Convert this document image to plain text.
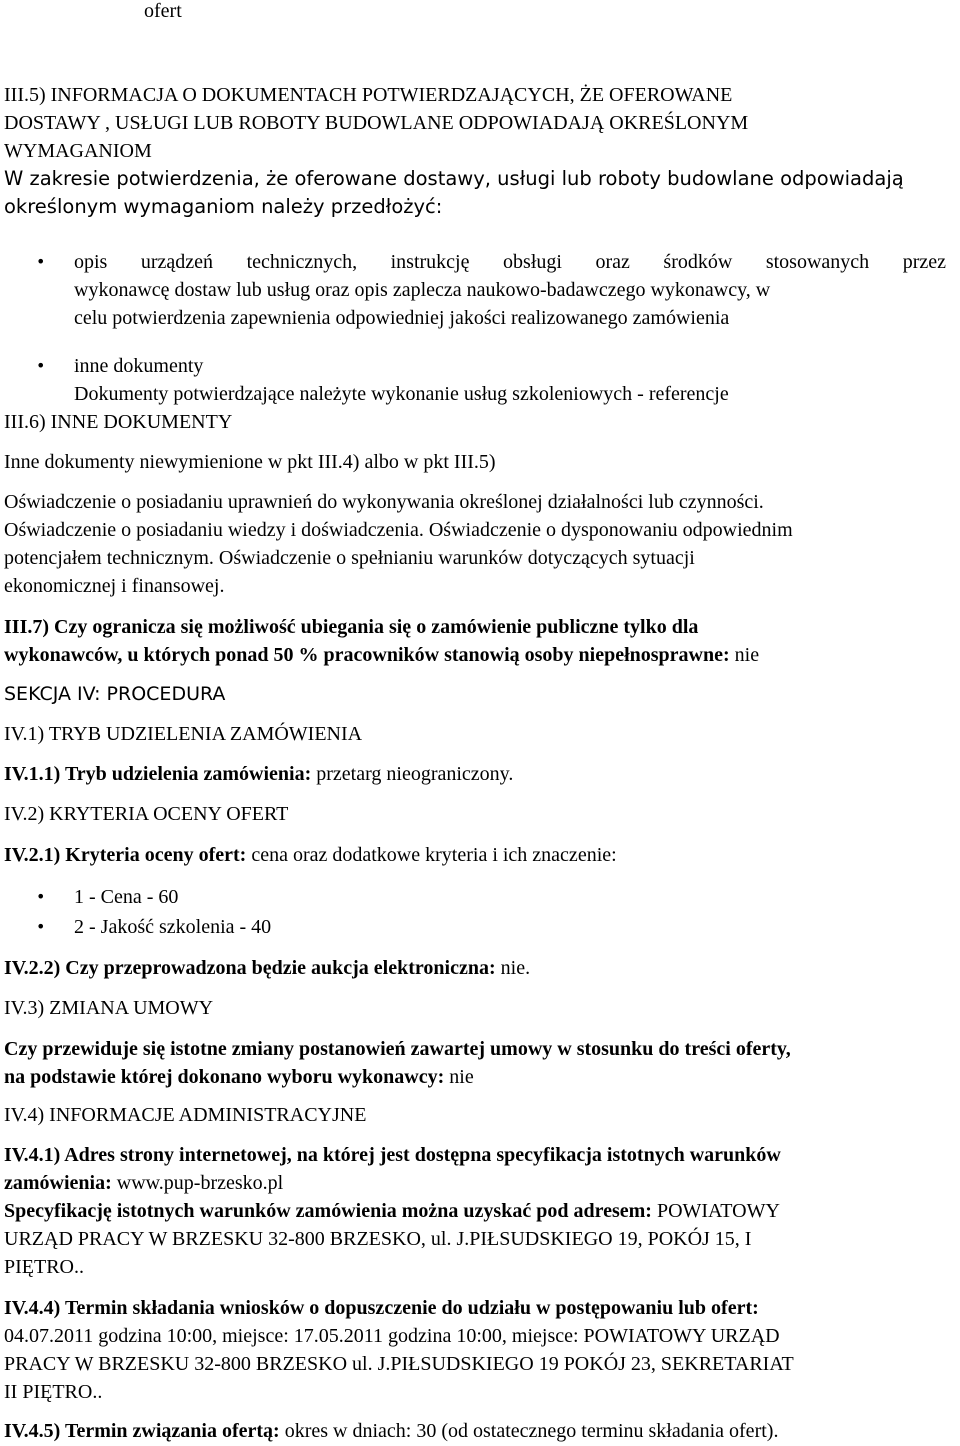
ofert
III.5) INFORMACJA O DOKUMENTACH POTWIERDZAJĄCYCH, ŻE OFEROWANE
DOSTAWY , USŁUGI LUB ROBOTY BUDOWLANE ODPOWIADAJĄ OKREŚLONYM
WYMAGANIOM
W zakresie potwierdzenia, że oferowane dostawy, usługi lub roboty budowlane odpowiadają
określonym wymaganiom należy przedłożyć:
• opis urządzeń technicznych, instrukcję obsługi oraz środków stosowanych przez
wykonawcę dostaw lub usług oraz opis zaplecza naukowo-badawczego wykonawcy, w
celu potwierdzenia zapewnienia odpowiedniej jakości realizowanego zamówienia
• inne dokumenty
Dokumenty potwierdzające należyte wykonanie usług szkoleniowych - referencje
III.6) INNE DOKUMENTY
Inne dokumenty niewymienione w pkt III.4) albo w pkt III.5)
Oświadczenie o posiadaniu uprawnień do wykonywania określonej działalności lub czynności.
Oświadczenie o posiadaniu wiedzy i doświadczenia. Oświadczenie o dysponowaniu odpowiednim
potencjałem technicznym. Oświadczenie o spełnianiu warunków dotyczących sytuacji
ekonomicznej i finansowej.
III.7) Czy ogranicza się możliwość ubiegania się o zamówienie publiczne tylko dla
wykonawców, u których ponad 50 % pracowników stanowią osoby niepełnosprawne: nie
SEKCJA IV: PROCEDURA
IV.1) TRYB UDZIELENIA ZAMÓWIENIA
IV.1.1) Tryb udzielenia zamówienia: przetarg nieograniczony.
IV.2) KRYTERIA OCENY OFERT
IV.2.1) Kryteria oceny ofert: cena oraz dodatkowe kryteria i ich znaczenie:
• 1 - Cena - 60
• 2 - Jakość szkolenia - 40
IV.2.2) Czy przeprowadzona będzie aukcja elektroniczna: nie.
IV.3) ZMIANA UMOWY
Czy przewiduje się istotne zmiany postanowień zawartej umowy w stosunku do treści oferty,
na podstawie której dokonano wyboru wykonawcy: nie
IV.4) INFORMACJE ADMINISTRACYJNE
IV.4.1) Adres strony internetowej, na której jest dostępna specyfikacja istotnych warunków
zamówienia: www.pup-brzesko.pl
Specyfikację istotnych warunków zamówienia można uzyskać pod adresem: POWIATOWY
URZĄD PRACY W BRZESKU 32-800 BRZESKO, ul. J.PIŁSUDSKIEGO 19, POKÓJ 15, I
PIĘTRO..
IV.4.4) Termin składania wniosków o dopuszczenie do udziału w postępowaniu lub ofert:
04.07.2011 godzina 10:00, miejsce: 17.05.2011 godzina 10:00, miejsce: POWIATOWY URZĄD
PRACY W BRZESKU 32-800 BRZESKO ul. J.PIŁSUDSKIEGO 19 POKÓJ 23, SEKRETARIAT
II PIĘTRO..
IV.4.5) Termin związania ofertą: okres w dniach: 30 (od ostatecznego terminu składania ofert).
